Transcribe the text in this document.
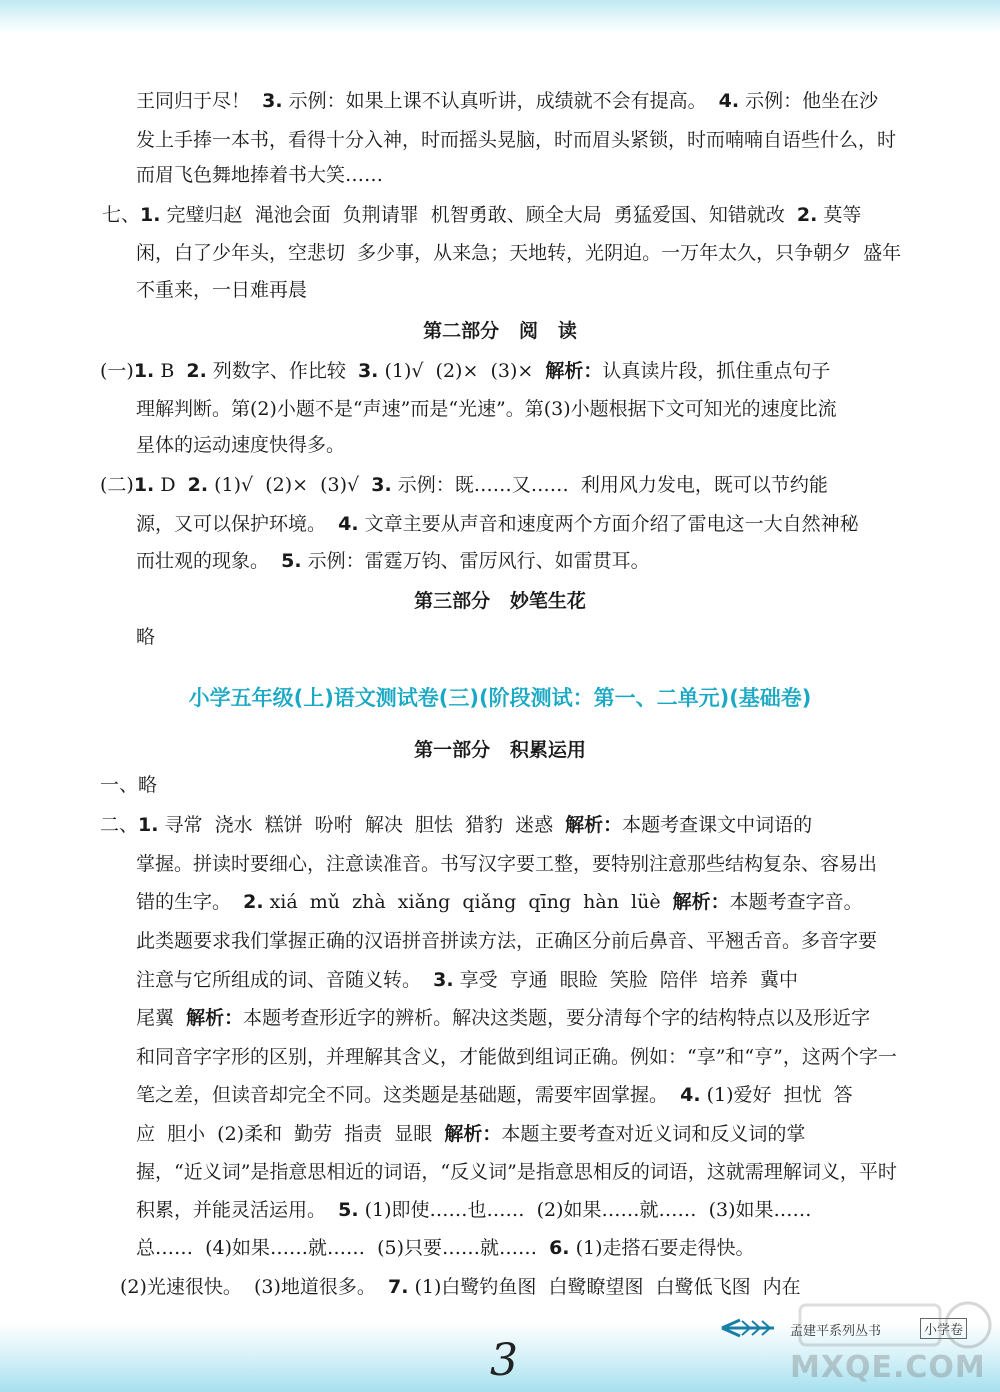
王同归于尽！  3. 示例：如果上课不认真听讲，成绩就不会有提高。  4. 示例：他坐在沙
发上手捧一本书，看得十分入神，时而摇头晃脑，时而眉头紧锁，时而喃喃自语些什么，时
而眉飞色舞地捧着书大笑……
七、1. 完璧归赵  渑池会面  负荆请罪  机智勇敢、顾全大局  勇猛爱国、知错就改  2. 莫等
闲，白了少年头，空悲切  多少事，从来急；天地转，光阴迫。一万年太久，只争朝夕  盛年
不重来，一日难再晨
(一)1. B  2. 列数字、作比较  3. (1)√  (2)×  (3)×  解析：认真读片段，抓住重点句子
理解判断。第(2)小题不是“声速”而是“光速”。第(3)小题根据下文可知光的速度比流
星体的运动速度快得多。
(二)1. D  2. (1)√  (2)×  (3)√  3. 示例：既……又……  利用风力发电，既可以节约能
源，又可以保护环境。  4. 文章主要从声音和速度两个方面介绍了雷电这一大自然神秘
而壮观的现象。  5. 示例：雷霆万钧、雷厉风行、如雷贯耳。
略
一、略
二、1. 寻常  浇水  糕饼  吩咐  解决  胆怯  猎豹  迷惑  解析：本题考查课文中词语的
掌握。拼读时要细心，注意读准音。书写汉字要工整，要特别注意那些结构复杂、容易出
错的生字。  2. xiá  mǔ  zhà  xiǎng  qiǎng  qīng  hàn  lüè  解析：本题考查字音。
此类题要求我们掌握正确的汉语拼音拼读方法，正确区分前后鼻音、平翘舌音。多音字要
注意与它所组成的词、音随义转。  3. 享受  亨通  眼睑  笑脸  陪伴  培养  冀中
尾翼  解析：本题考查形近字的辨析。解决这类题，要分清每个字的结构特点以及形近字
和同音字字形的区别，并理解其含义，才能做到组词正确。例如：“享”和“亨”，这两个字一
笔之差，但读音却完全不同。这类题是基础题，需要牢固掌握。  4. (1)爱好  担忧  答
应  胆小  (2)柔和  勤劳  指责  显眼  解析：本题主要考查对近义词和反义词的掌
握，“近义词”是指意思相近的词语，“反义词”是指意思相反的词语，这就需理解词义，平时
积累，并能灵活运用。  5. (1)即使……也……  (2)如果……就……  (3)如果……
总……  (4)如果……就……  (5)只要……就……  6. (1)走搭石要走得快。
(2)光速很快。  (3)地道很多。  7. (1)白鹭钓鱼图  白鹭瞭望图  白鹭低飞图  内在
第二部分   阅   读
第三部分   妙笔生花
第一部分   积累运用
小学五年级(上)语文测试卷(三)(阶段测试：第一、二单元)(基础卷)
孟建平系列丛书	小学卷
3	MXQE.COM
